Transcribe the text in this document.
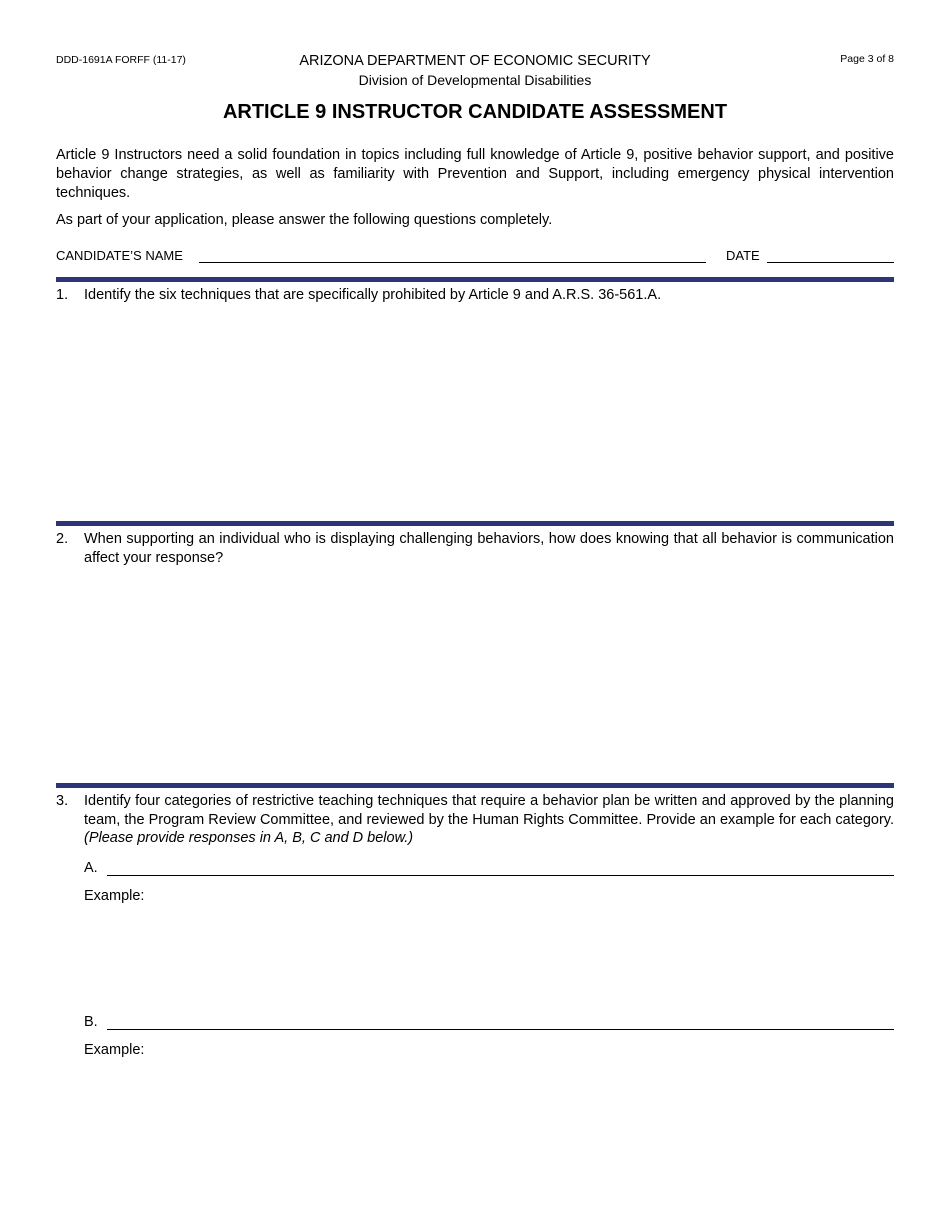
DDD-1691A FORFF (11-17)	ARIZONA DEPARTMENT OF ECONOMIC SECURITY
Division of Developmental Disabilities
Page 3 of 8
ARTICLE 9 INSTRUCTOR CANDIDATE ASSESSMENT

Article 9 Instructors need a solid foundation in topics including full knowledge of Article 9, positive behavior support, and positive behavior change strategies, as well as familiarity with Prevention and Support, including emergency physical intervention techniques.

As part of your application, please answer the following questions completely.

CANDIDATE’S NAME	DATE
1. Identify the six techniques that are specifically prohibited by Article 9 and A.R.S. 36-561.A.

2. When supporting an individual who is displaying challenging behaviors, how does knowing that all behavior is communication affect your response?

3. Identify four categories of restrictive teaching techniques that require a behavior plan be written and approved by the planning team, the Program Review Committee, and reviewed by the Human Rights Committee. Provide an example for each category. (Please provide responses in A, B, C and D below.)

A.
Example:
B.
Example:
